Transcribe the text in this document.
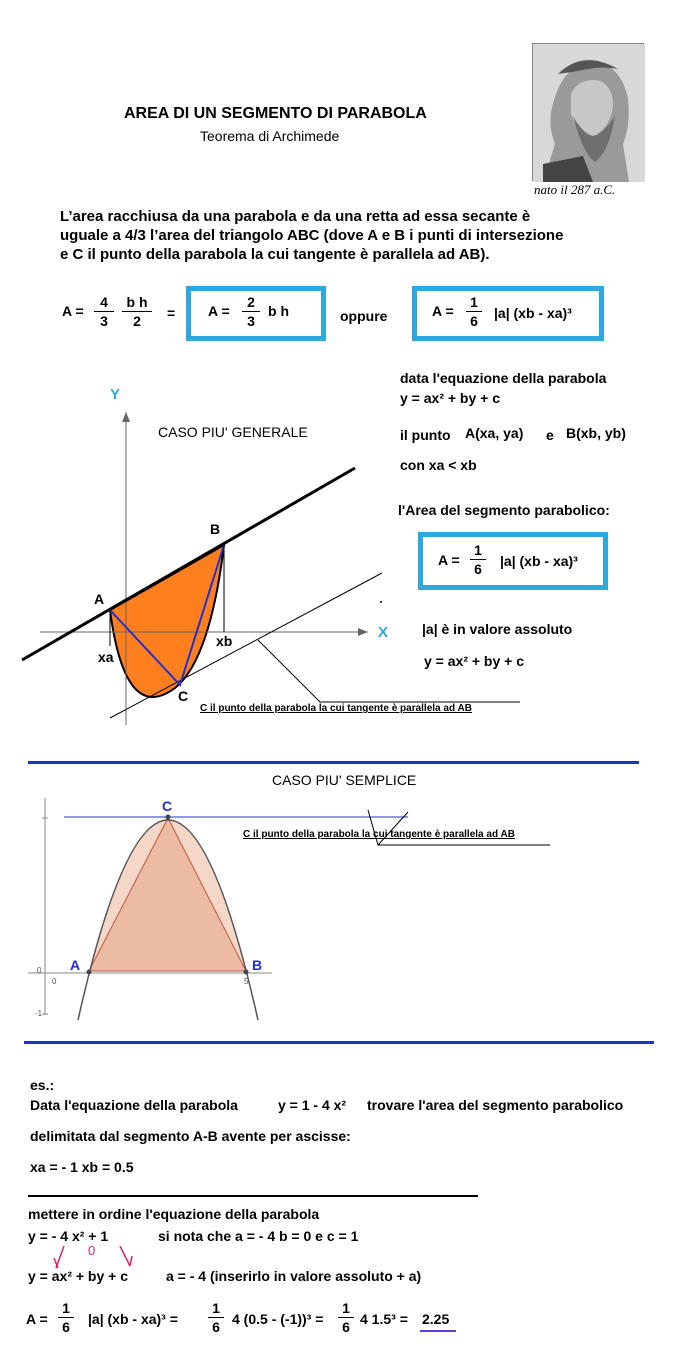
AREA DI UN SEGMENTO DI PARABOLA
Teorema di Archimede
nato il 287 a.C.
L’area racchiusa da una parabola e da una retta ad essa secante è
uguale a 4/3 l’area del triangolo ABC (dove A e B i punti di intersezione
e C il punto della parabola la cui tangente è parallela ad AB).
$A = \frac{4}{3} \frac{\text{b h}}{2} = A = \frac{2}{3}$ b h	oppure	$A = \frac{1}{6} |a|$ (xb - xa)³
Y
X
CASO PIU' GENERALE
A
B
C
xa
xb
C il punto della parabola la cui tangente è parallela ad AB
data l'equazione della parabola
y = ax² + by + c
il punto A(xa, ya) e B(xb, yb)
con xa < xb
l'Area del segmento parabolico:
$A = \frac{1}{6} |a|$ (xb - xa)³
|a| è in valore assoluto
y = ax² + by + c
CASO PIU' SEMPLICE
C
A	B
C il punto della parabola la cui tangente è parallela ad AB
0	5
0
-1
es.:
Data l'equazione della parabola	y = 1 - 4 x² trovare l'area del segmento parabolico
delimitata dal segmento A-B avente per ascisse:
xa = - 1 xb = 0.5
mettere in ordine l'equazione della parabola
y = - 4 x² + 1	si nota che a = - 4 b = 0 e c = 1
0
y = ax² + by + c	a = - 4 (inserirlo in valore assoluto + a)
$A = \frac{1}{6} |a|$ $(xb - xa)^3 = \frac{1}{6} 4$ $(0.5 - (-1))^3 = \frac{1}{6} 4$ 1.5³ = 2.25
